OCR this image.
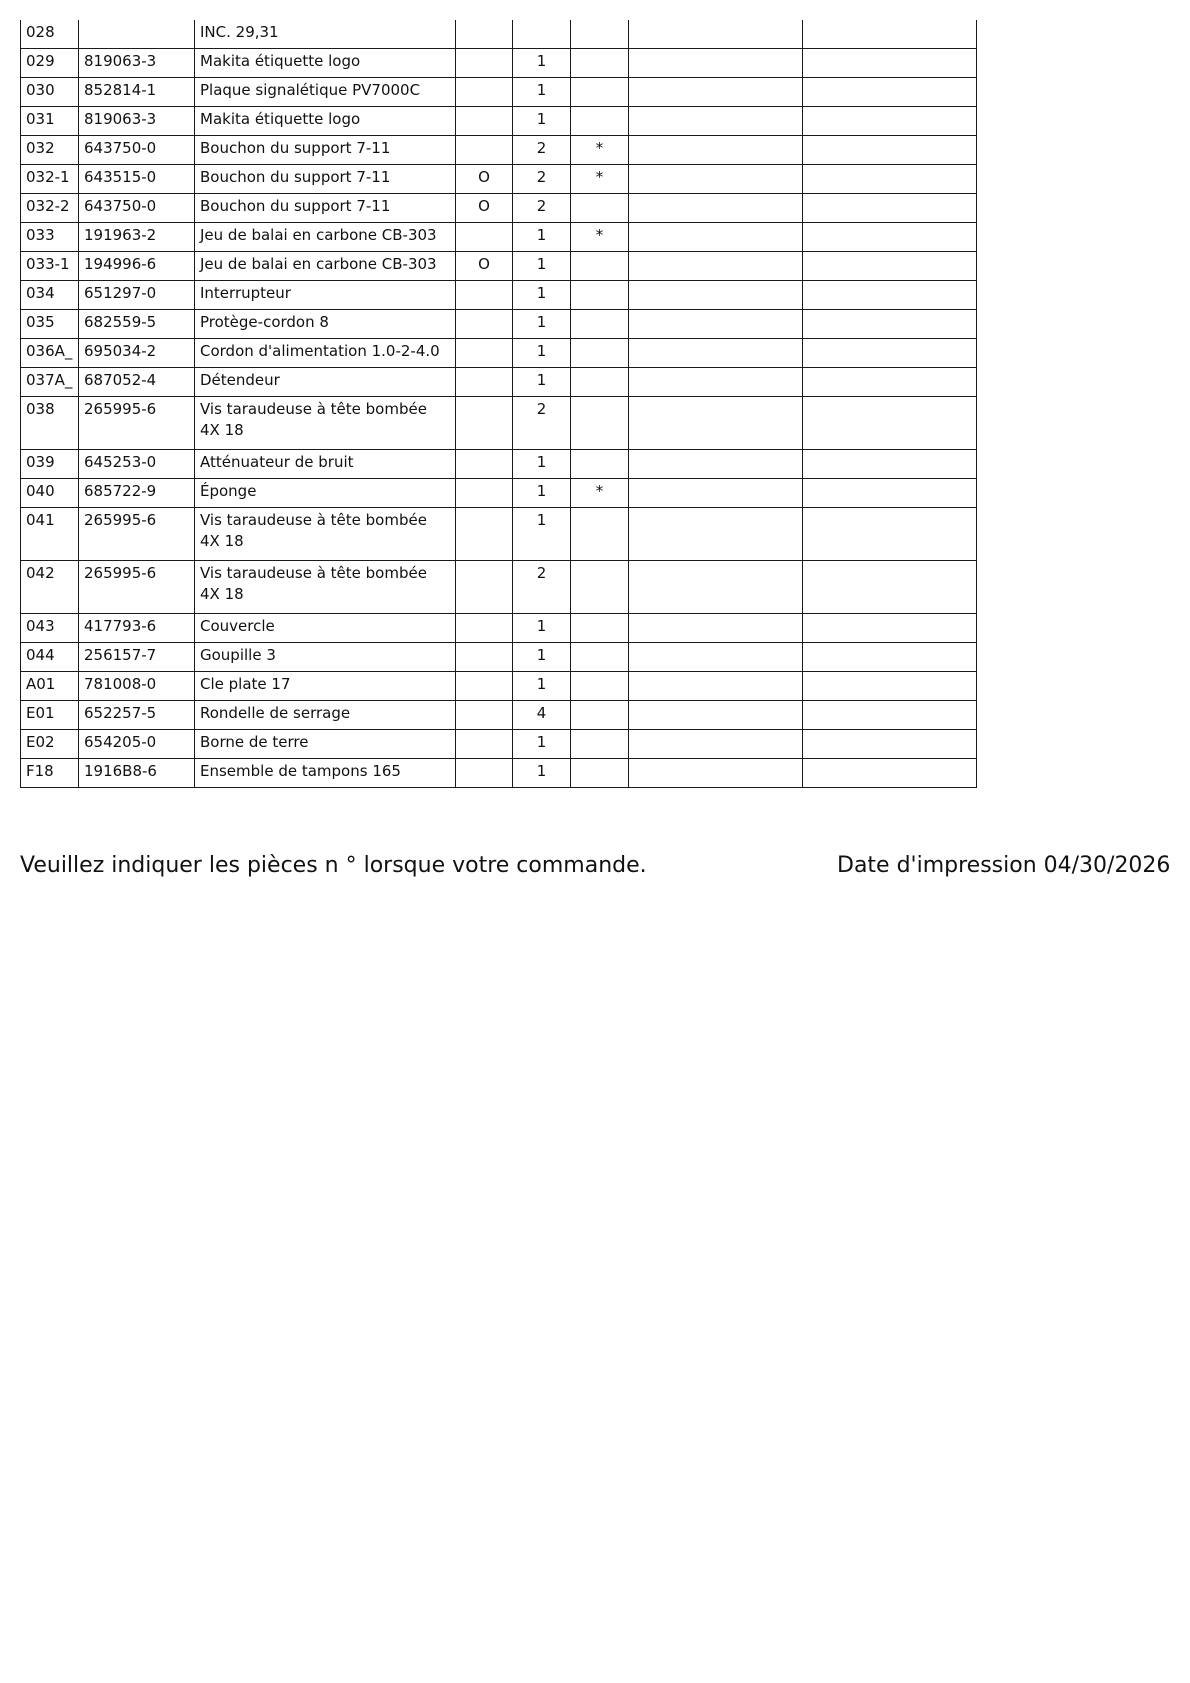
028		INC. 29,31					
029	819063-3	Makita étiquette logo		1			
030	852814-1	Plaque signalétique PV7000C		1			
031	819063-3	Makita étiquette logo		1			
032	643750-0	Bouchon du support 7-11		2	*		
032-1	643515-0	Bouchon du support 7-11	O	2	*		
032-2	643750-0	Bouchon du support 7-11	O	2			
033	191963-2	Jeu de balai en carbone CB-303		1	*		
033-1	194996-6	Jeu de balai en carbone CB-303	O	1			
034	651297-0	Interrupteur		1			
035	682559-5	Protège-cordon 8		1			
036A_	695034-2	Cordon d'alimentation 1.0-2-4.0		1			
037A_	687052-4	Détendeur		1			
038	265995-6	Vis taraudeuse à tête bombée 4X 18		2			
039	645253-0	Atténuateur de bruit		1			
040	685722-9	Éponge		1	*		
041	265995-6	Vis taraudeuse à tête bombée 4X 18		1			
042	265995-6	Vis taraudeuse à tête bombée 4X 18		2			
043	417793-6	Couvercle		1			
044	256157-7	Goupille 3		1			
A01	781008-0	Cle plate 17		1			
E01	652257-5	Rondelle de serrage		4			
E02	654205-0	Borne de terre		1			
F18	1916B8-6	Ensemble de tampons 165		1			
Veuillez indiquer les pièces n ° lorsque votre commande.	Date d'impression 04/30/2026
